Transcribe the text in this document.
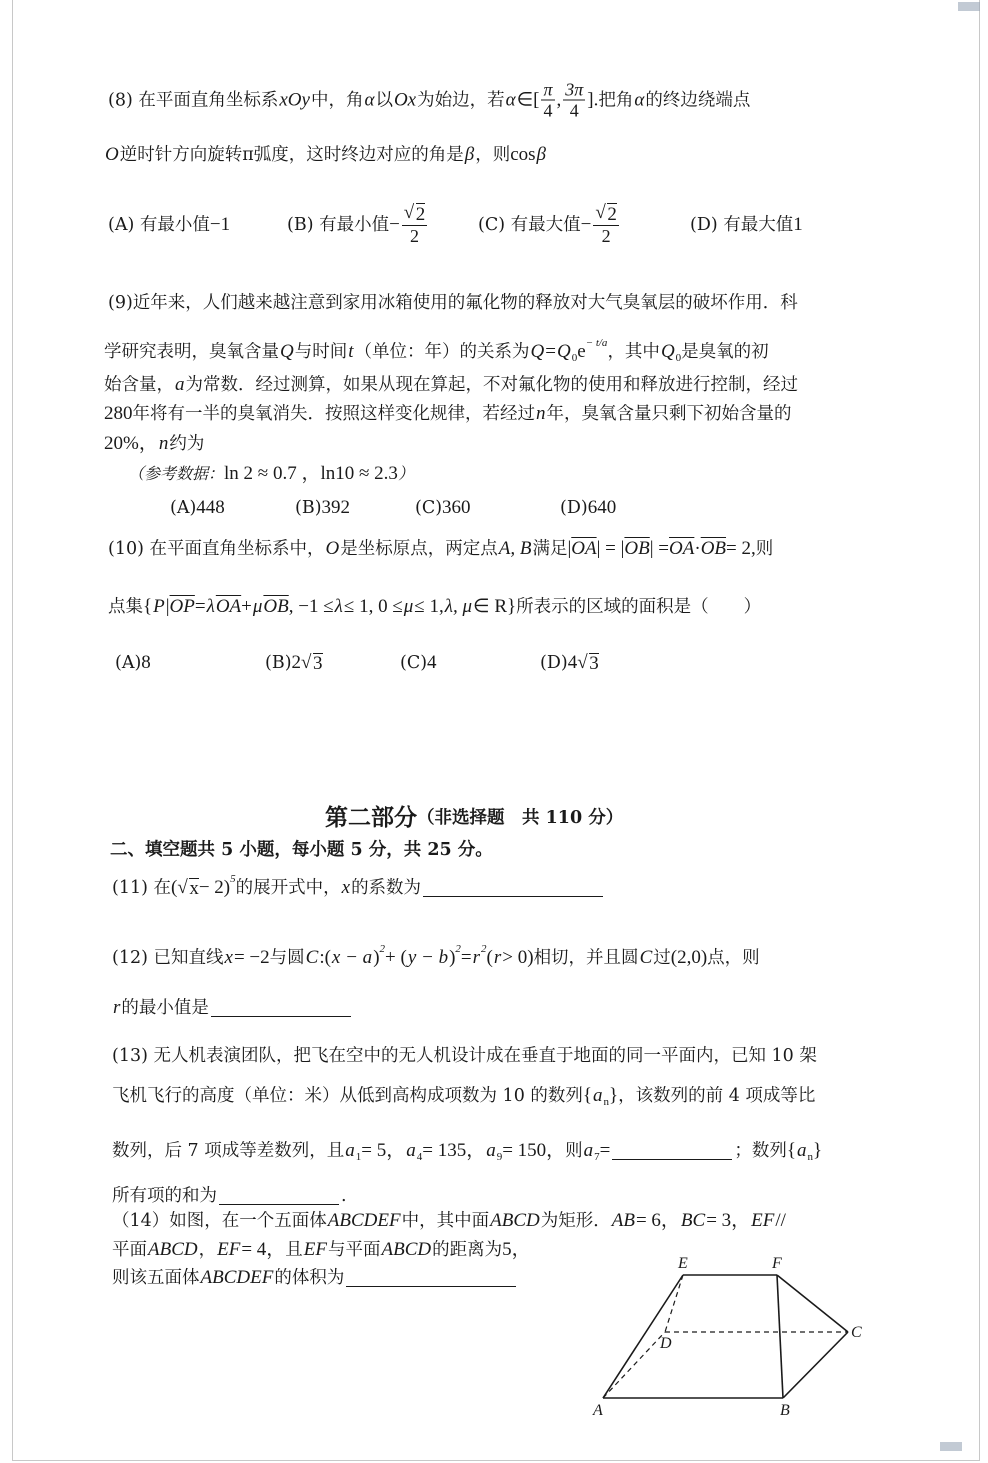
(8) 在平面直角坐标系 xOy 中，角 α 以 Ox 为始边，若 α ∈[ $\frac{\pi}{4}$ , $\frac{3\pi}{4}$ ]. 把角 α 的终边绕端点
O 逆时针方向旋转π弧度，这时终边对应的角是 β ，则 cos β
(A) 有最小值 −1	(B) 有最小值 − √ $\frac{2}{2}$	(C) 有最大值 − √ $\frac{2}{2}$	(D) 有最大值 1
(9)近年来，人们越来越注意到家用冰箱使用的氟化物的释放对大气臭氧层的破坏作用．科
学研究表明，臭氧含量 Q 与时间 t （单位：年）的关系为 Q = Q 0 e − t/a ，其中 Q 0 是臭氧的初
始含量， a 为常数．经过测算，如果从现在算起，不对氟化物的使用和释放进行控制，经过
280 年将有一半的臭氧消失．按照这样变化规律，若经过 n 年，臭氧含量只剩下初始含量的
20%， n 约为
（参考数据： ln 2 ≈ 0.7 ，ln10 ≈ 2.3 ）
(A) 448	(B) 392	(C) 360	(D) 640
(10) 在平面直角坐标系中， O 是坐标原点，两定点 A, B 满足 | $\overline{OA}$ | = | $\overline{OB}$ | = $\overline{OA} \cdot \overline{OB} = 2$, 则
点集 { P | $\overline{OP} = \lambda$ $\overline{OA} + \mu$ $\overline{OB}$ , −1 ≤ λ ≤ 1, 0 ≤ μ ≤ 1, λ, μ ∈ R} 所表示的区域的面积是（　　）
(A) 8	(B) 2 √ 3	(C) 4	(D) 4 √ 3
第二部分 （非选择题　共 110 分）
二、填空题共 5 小题，每小题 5 分，共 25 分。
(11) 在 ( √ x − 2) 5 的展开式中， x 的系数为
(12) 已知直线 x = −2 与圆 C :( x − a ) 2 + ( y − b ) 2 = r 2 ( r > 0) 相切，并且圆 C 过 (2,0) 点，则
r 的最小值是
(13) 无人机表演团队，把飞在空中的无人机设计成在垂直于地面的同一平面内，已知 10 架
飞机飞行的高度（单位：米）从低到高构成项数为 10 的数列 { a n } ，该数列的前 4 项成等比
数列，后 7 项成等差数列，且 a 1 = 5， a 4 = 135， a 9 = 150， 则 a 7 =	；数列 { a n }
所有项的和为	.
（14）如图，在一个五面体 ABCDEF 中，其中面 ABCD 为矩形． AB = 6， BC = 3， EF //
平面 ABCD ， EF = 4， 且 EF 与平面 ABCD 的距离为 5，
则该五面体 ABCDEF 的体积为
E	F
C
D
A	B
